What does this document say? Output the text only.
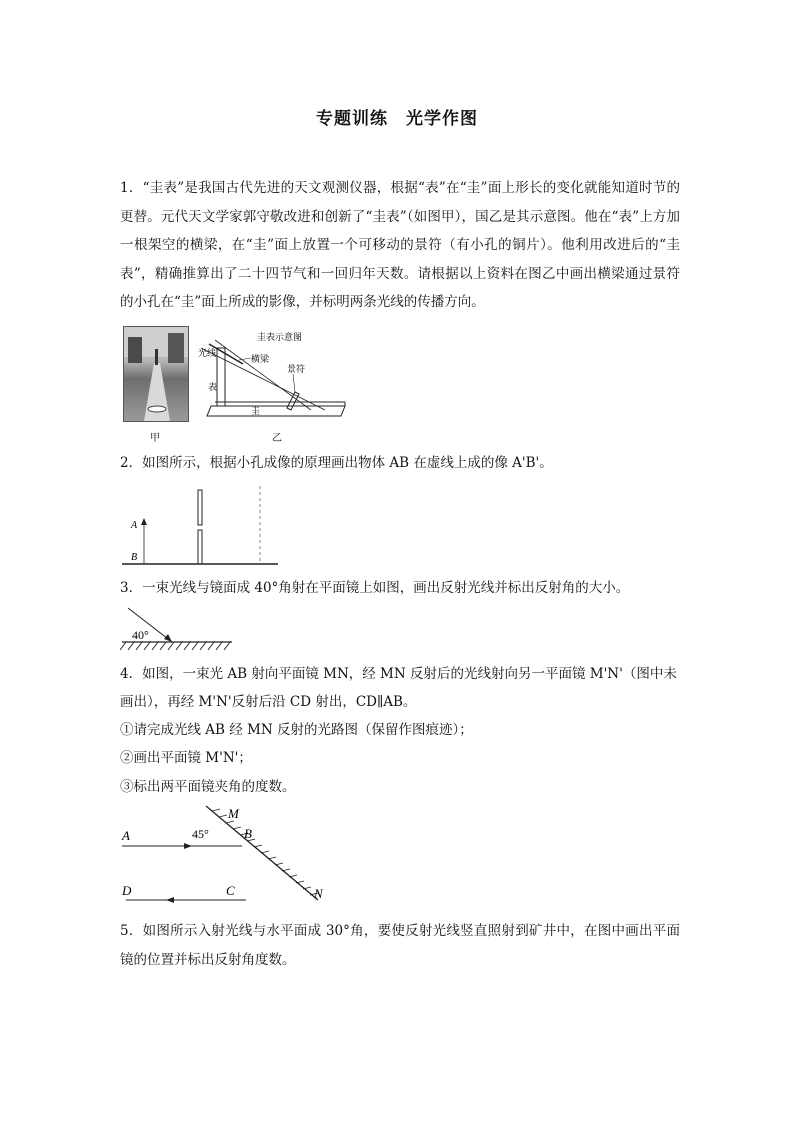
专题训练　光学作图
1．“圭表”是我国古代先进的天文观测仪器，根据“表”在“圭”面上形长的变化就能知道时节的更替。元代天文学家郭守敬改进和创新了“圭表”（如图甲），国乙是其示意图。他在“表”上方加一根架空的横梁，在“圭”面上放置一个可移动的景符（有小孔的铜片）。他利用改进后的“圭表”，精确推算出了二十四节气和一回归年天数。请根据以上资料在图乙中画出横梁通过景符的小孔在“圭”面上所成的影像，并标明两条光线的传播方向。
甲
圭表示意图
光线
横梁
表
圭
景符
乙
2．如图所示，根据小孔成像的原理画出物体 AB 在虚线上成的像 A'B'。
A
B
3．一束光线与镜面成 40°角射在平面镜上如图，画出反射光线并标出反射角的大小。
40°
4．如图，一束光 AB 射向平面镜 MN，经 MN 反射后的光线射向另一平面镜 M'N'（图中未
画出），再经 M'N'反射后沿 CD 射出，CD∥AB。
①请完成光线 AB 经 MN 反射的光路图（保留作图痕迹）；
②画出平面镜 M'N'；
③标出两平面镜夹角的度数。
A	B
M
N
C
D
45°
5．如图所示入射光线与水平面成 30°角，要使反射光线竖直照射到矿井中，在图中画出平面镜的位置并标出反射角度数。
